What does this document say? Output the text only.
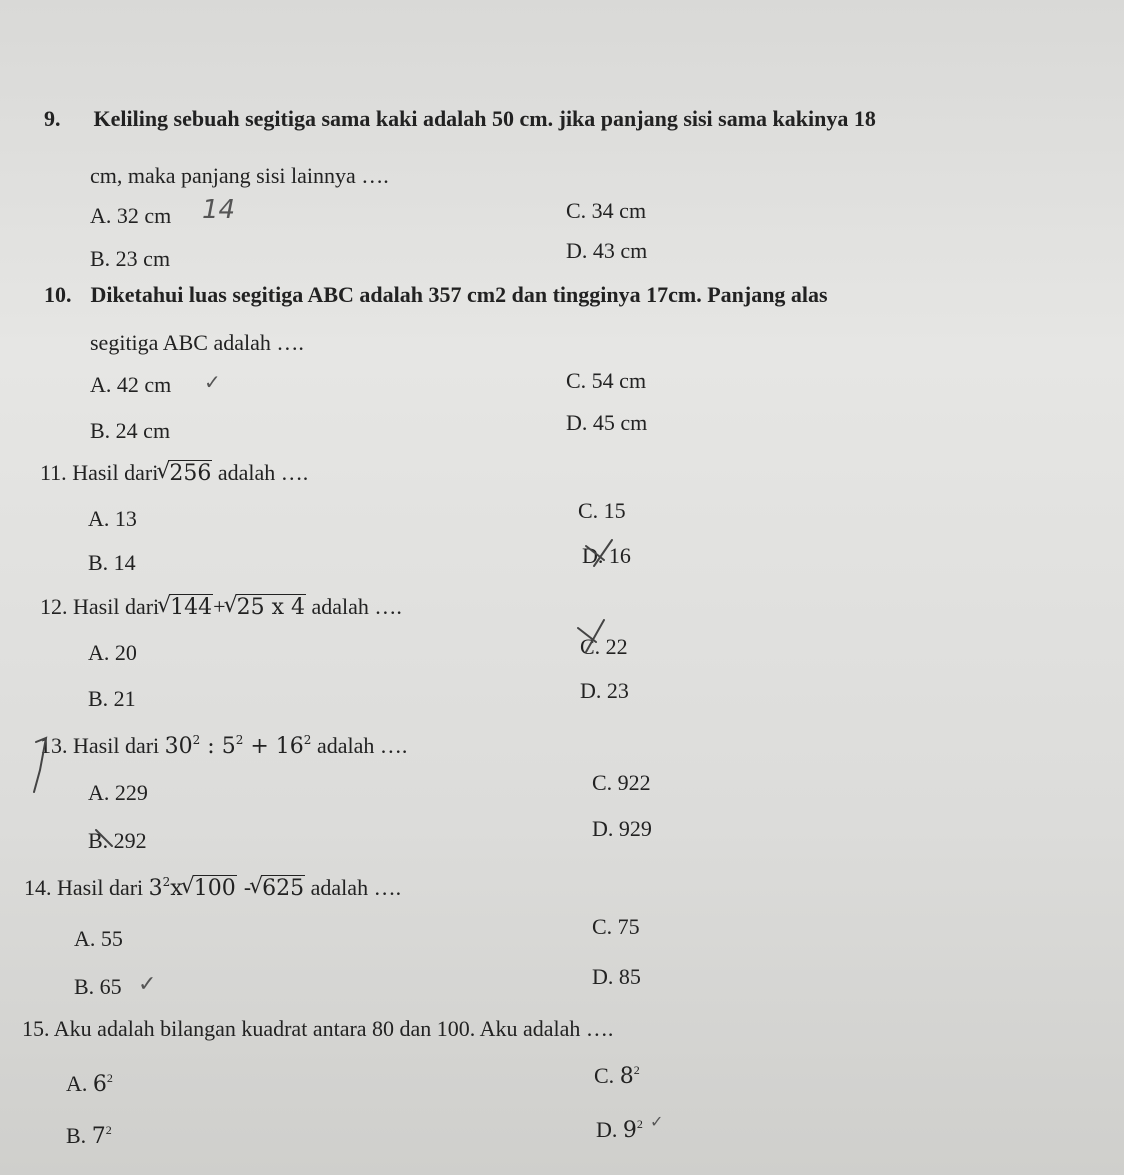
9. Keliling sebuah segitiga sama kaki adalah 50 cm. jika panjang sisi sama kakinya 18
cm, maka panjang sisi lainnya ….
A. 32 cm 14
B. 23 cm
C. 34 cm
D. 43 cm
10. Diketahui luas segitiga ABC adalah 357 cm2 dan tingginya 17cm. Panjang alas
segitiga ABC adalah ….
A. 42 cm ✓
B. 24 cm
C. 54 cm
D. 45 cm
11. Hasil dari√ 256 adalah ….
A. 13
B. 14
C. 15
D. 16
12. Hasil dari√ 144+√ 25 x 4 adalah ….
A. 20
B. 21
C. 22
D. 23
13. Hasil dari $30^2$ : $5^2 + 16^2$ adalah ….
A. 229
B. 292
C. 922
D. 929
14. Hasil dari $3^2x√$ 100 -√ 625 adalah ….
A. 55
B. 65 ✓
C. 75
D. 85
15. Aku adalah bilangan kuadrat antara 80 dan 100. Aku adalah ….
A. $6^2$
B. $7^2$
C. $8^2$
D. $9^2$ ✓
